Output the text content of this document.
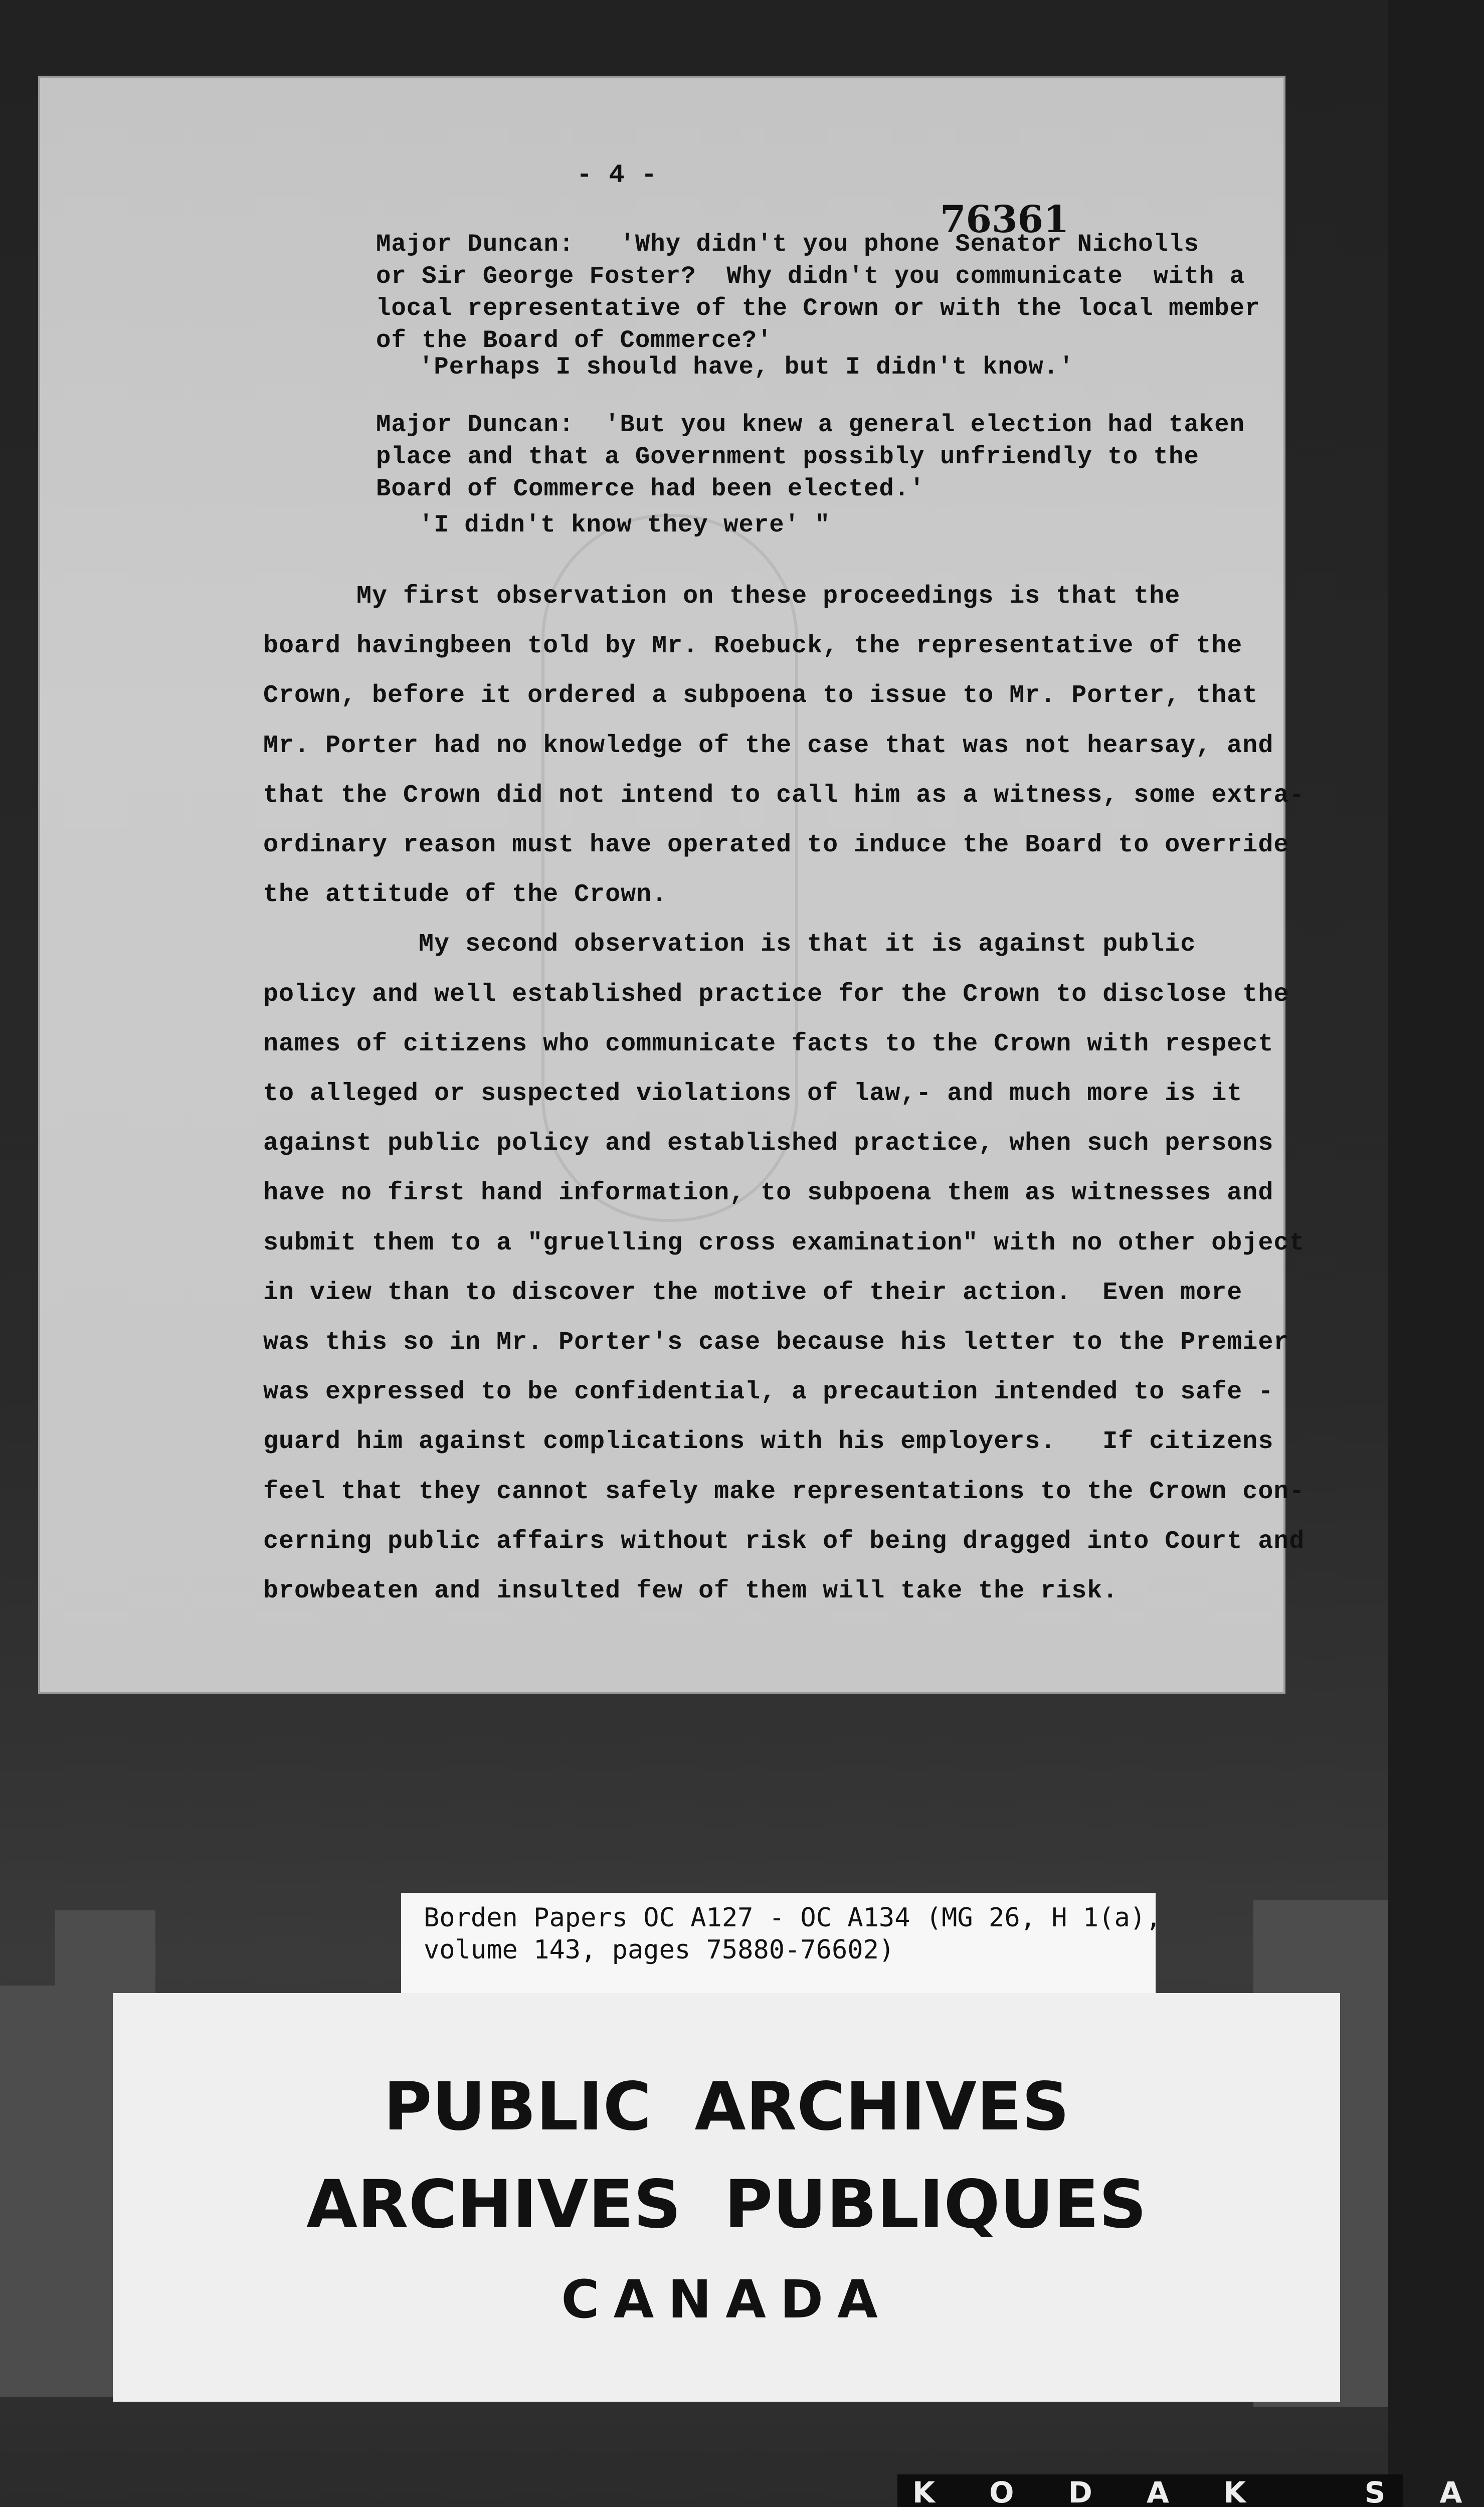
- 4 -

76361

Major Duncan:   'Why didn't you phone Senator Nicholls
or Sir George Foster?  Why didn't you communicate  with a
local representative of the Crown or with the local member
of the Board of Commerce?'

'Perhaps I should have, but I didn't know.'

Major Duncan:  'But you knew a general election had taken
place and that a Government possibly unfriendly to the
Board of Commerce had been elected.'

'I didn't know they were' "

My first observation on these proceedings is that the
board havingbeen told by Mr. Roebuck, the representative of the
Crown, before it ordered a subpoena to issue to Mr. Porter, that
Mr. Porter had no knowledge of the case that was not hearsay, and
that the Crown did not intend to call him as a witness, some extra-
ordinary reason must have operated to induce the Board to override
the attitude of the Crown.
My second observation is that it is against public
policy and well established practice for the Crown to disclose the
names of citizens who communicate facts to the Crown with respect
to alleged or suspected violations of law,- and much more is it
against public policy and established practice, when such persons
have no first hand information, to subpoena them as witnesses and
submit them to a "gruelling cross examination" with no other object
in view than to discover the motive of their action.  Even more
was this so in Mr. Porter's case because his letter to the Premier
was expressed to be confidential, a precaution intended to safe -
guard him against complications with his employers.   If citizens
feel that they cannot safely make representations to the Crown con-
cerning public affairs without risk of being dragged into Court and
browbeaten and insulted few of them will take the risk.

Borden Papers OC A127 - OC A134 (MG 26, H 1(a),
volume 143, pages 75880-76602)

PUBLIC ARCHIVES

ARCHIVES PUBLIQUES

CANADA

K O D A K   S A
